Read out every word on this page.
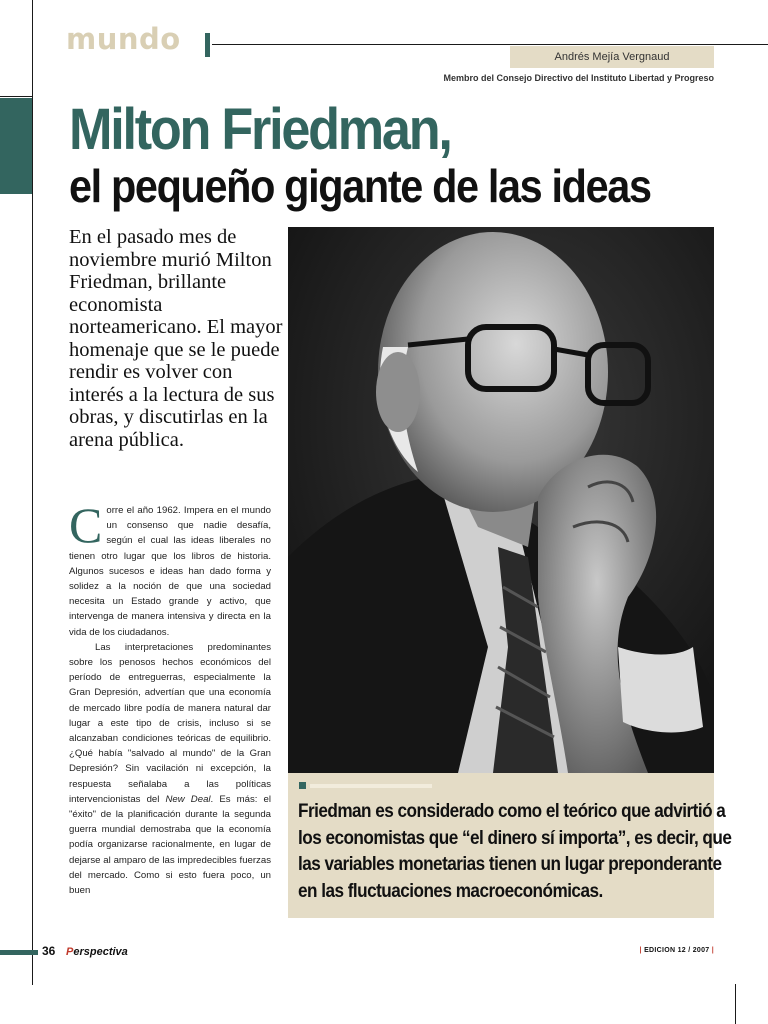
mundo
Andrés Mejía Vergnaud
Membro del Consejo Directivo del Instituto Libertad y Progreso
Milton Friedman,
el pequeño gigante de las ideas
En el pasado mes de noviembre murió Milton Friedman, brillante economista norteamericano. El mayor homenaje que se le puede rendir es volver con interés a la lectura de sus obras, y discutirlas en la arena pública.

Corre el año 1962. Impera en el mundo un consenso que nadie desafía, según el cual las ideas liberales no tienen otro lugar que los libros de historia. Algunos sucesos e ideas han dado forma y solidez a la noción de que una sociedad necesita un Estado grande y activo, que intervenga de manera intensiva y directa en la vida de los ciudadanos.

Las interpretaciones predominantes sobre los penosos hechos económicos del período de entreguerras, especialmente la Gran Depresión, advertían que una economía de mercado libre podía de manera natural dar lugar a este tipo de crisis, incluso si se alcanzaban condiciones teóricas de equilibrio. ¿Qué había "salvado al mundo" de la Gran Depresión? Sin vacilación ni excepción, la respuesta señalaba a las políticas intervencionistas del New Deal. Es más: el "éxito" de la planificación durante la segunda guerra mundial demostraba que la economía podía organizarse racionalmente, en lugar de dejarse al amparo de las impredecibles fuerzas del mercado. Como si esto fuera poco, un buen

Friedman es considerado como el teórico que advirtió a
los economistas que “el dinero sí importa”, es decir, que
las variables monetarias tienen un lugar preponderante
en las fluctuaciones macroeconómicas.
36 Perspectiva	| EDICION 12 / 2007 |
